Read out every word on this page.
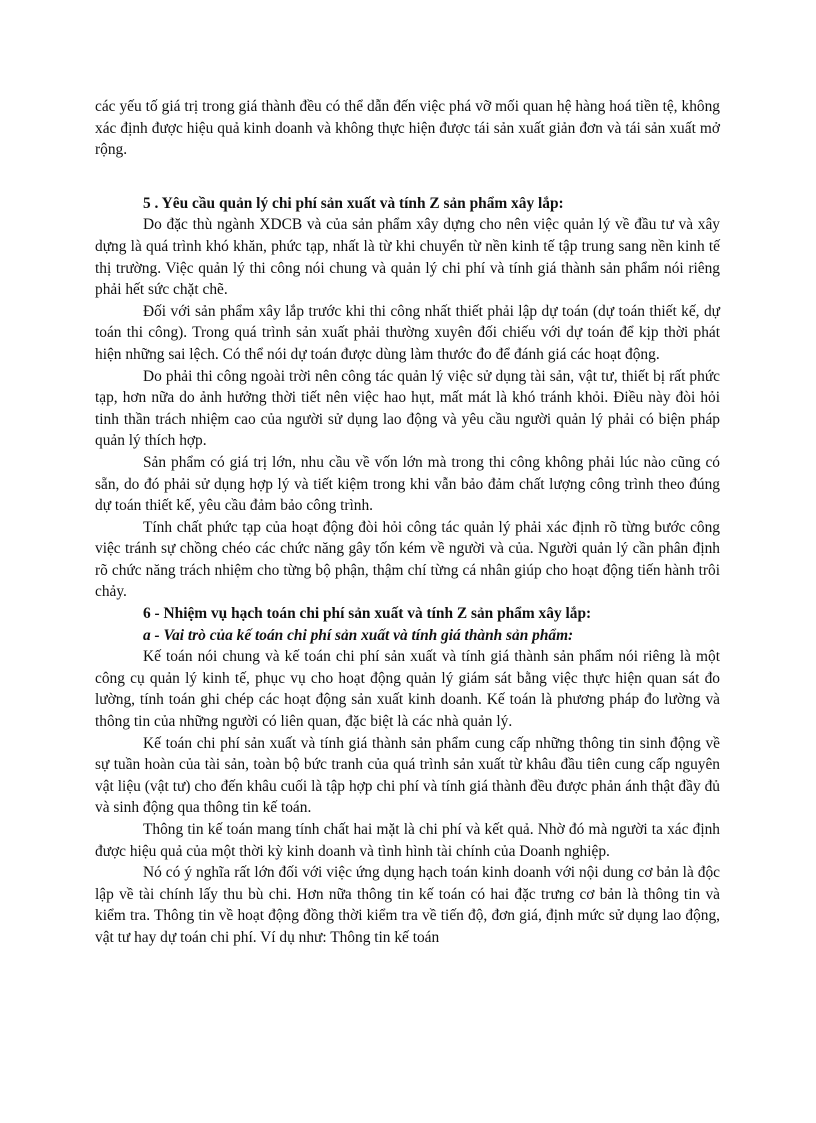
các yếu tố giá trị trong giá thành đều có thể dẫn đến việc phá vỡ mối quan hệ hàng hoá tiền tệ, không xác định được hiệu quả kinh doanh và không thực hiện được tái sản xuất giản đơn và tái sản xuất mở rộng.

5 . Yêu cầu quản lý chi phí sản xuất và tính Z sản phẩm xây lắp:

Do đặc thù ngành XDCB và của sản phẩm xây dựng cho nên việc quản lý về đầu tư và xây dựng là quá trình khó khăn, phức tạp, nhất là từ khi chuyển từ nền kinh tế tập trung sang nền kinh tế thị trường. Việc quản lý thi công nói chung và quản lý chi phí và tính giá thành sản phẩm nói riêng phải hết sức chặt chẽ.

Đối với sản phẩm xây lắp trước khi thi công nhất thiết phải lập dự toán (dự toán thiết kế, dự toán thi công). Trong quá trình sản xuất phải thường xuyên đối chiếu với dự toán để kịp thời phát hiện những sai lệch. Có thể nói dự toán được dùng làm thước đo để đánh giá các hoạt động.

Do phải thi công ngoài trời nên công tác quản lý việc sử dụng tài sản, vật tư, thiết bị rất phức tạp, hơn nữa do ảnh hưởng thời tiết nên việc hao hụt, mất mát là khó tránh khỏi. Điều này đòi hỏi tinh thần trách nhiệm cao của người sử dụng lao động và yêu cầu người quản lý phải có biện pháp quản lý thích hợp.

Sản phẩm có giá trị lớn, nhu cầu về vốn lớn mà trong thi công không phải lúc nào cũng có sẵn, do đó phải sử dụng hợp lý và tiết kiệm trong khi vẫn bảo đảm chất lượng công trình theo đúng dự toán thiết kế, yêu cầu đảm bảo công trình.

Tính chất phức tạp của hoạt động đòi hỏi công tác quản lý phải xác định rõ từng bước công việc tránh sự chồng chéo các chức năng gây tốn kém về người và của. Người quản lý cần phân định rõ chức năng trách nhiệm cho từng bộ phận, thậm chí từng cá nhân giúp cho hoạt động tiến hành trôi chảy.

6 - Nhiệm vụ hạch toán chi phí sản xuất và tính Z sản phẩm xây lắp:

a - Vai trò của kế toán chi phí sản xuất và tính giá thành sản phẩm:

Kế toán nói chung và kế toán chi phí sản xuất và tính giá thành sản phẩm nói riêng là một công cụ quản lý kinh tế, phục vụ cho hoạt động quản lý giám sát bằng việc thực hiện quan sát đo lường, tính toán ghi chép các hoạt động sản xuất kinh doanh. Kế toán là phương pháp đo lường và thông tin của những người có liên quan, đặc biệt là các nhà quản lý.

Kế toán chi phí sản xuất và tính giá thành sản phẩm cung cấp những thông tin sinh động về sự tuần hoàn của tài sản, toàn bộ bức tranh của quá trình sản xuất từ khâu đầu tiên cung cấp nguyên vật liệu (vật tư) cho đến khâu cuối là tập hợp chi phí và tính giá thành đều được phản ánh thật đầy đủ và sinh động qua thông tin kế toán.

Thông tin kế toán mang tính chất hai mặt là chi phí và kết quả. Nhờ đó mà người ta xác định được hiệu quả của một thời kỳ kinh doanh và tình hình tài chính của Doanh nghiệp.

Nó có ý nghĩa rất lớn đối với việc ứng dụng hạch toán kinh doanh với nội dung cơ bản là độc lập về tài chính lấy thu bù chi. Hơn nữa thông tin kế toán có hai đặc trưng cơ bản là thông tin và kiểm tra. Thông tin về hoạt động đồng thời kiểm tra về tiến độ, đơn giá, định mức sử dụng lao động, vật tư hay dự toán chi phí. Ví dụ như: Thông tin kế toán
